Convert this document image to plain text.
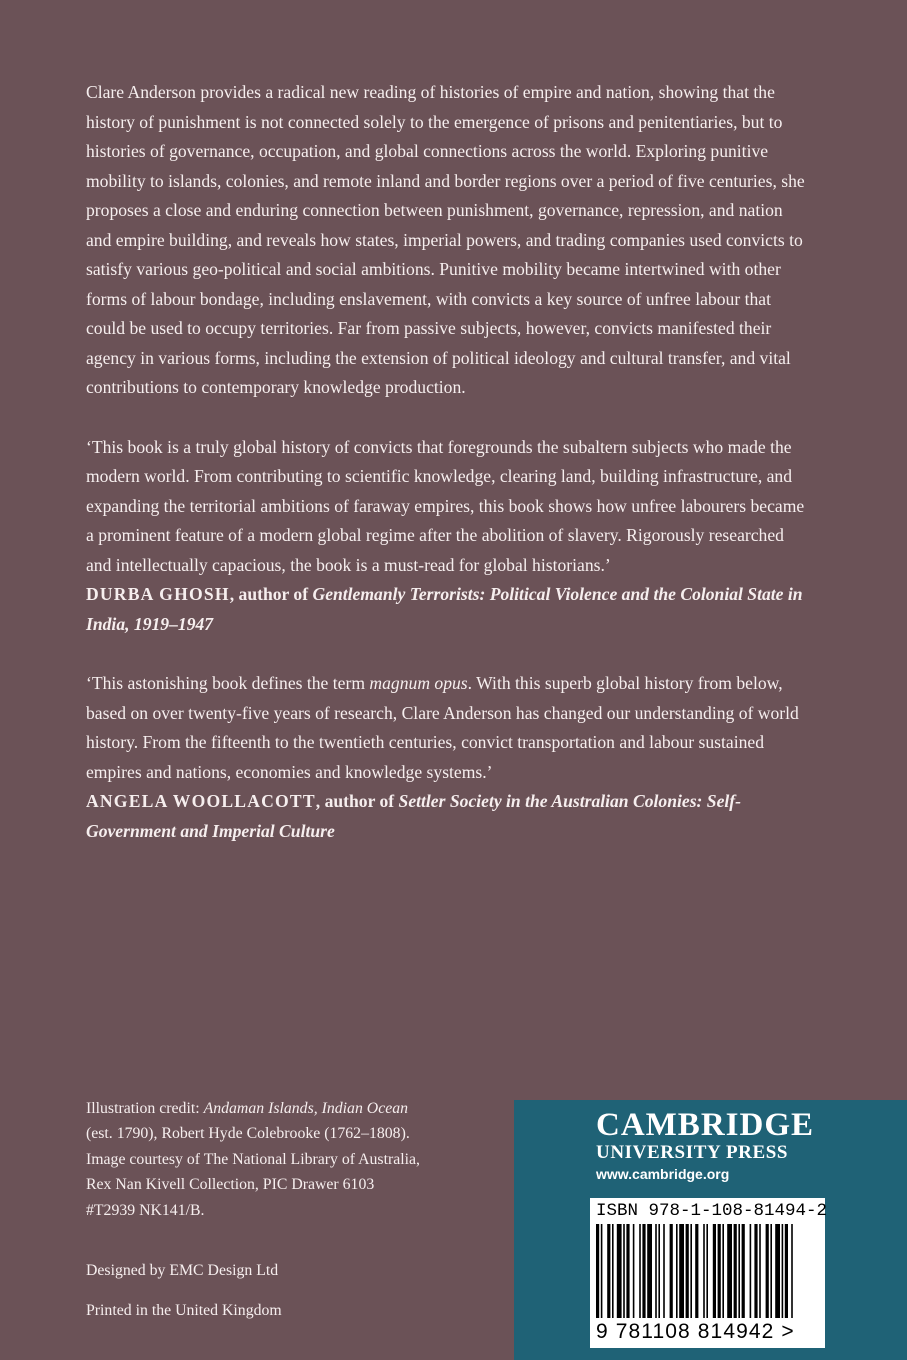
Clare Anderson provides a radical new reading of histories of empire and nation, showing that the history of punishment is not connected solely to the emergence of prisons and penitentiaries, but to histories of governance, occupation, and global connections across the world. Exploring punitive mobility to islands, colonies, and remote inland and border regions over a period of five centuries, she proposes a close and enduring connection between punishment, governance, repression, and nation and empire building, and reveals how states, imperial powers, and trading companies used convicts to satisfy various geo-political and social ambitions. Punitive mobility became intertwined with other forms of labour bondage, including enslavement, with convicts a key source of unfree labour that could be used to occupy territories. Far from passive subjects, however, convicts manifested their agency in various forms, including the extension of political ideology and cultural transfer, and vital contributions to contemporary knowledge production.

‘This book is a truly global history of convicts that foregrounds the subaltern subjects who made the modern world. From contributing to scientific knowledge, clearing land, building infrastructure, and expanding the territorial ambitions of faraway empires, this book shows how unfree labourers became a prominent feature of a modern global regime after the abolition of slavery. Rigorously researched and intellectually capacious, the book is a must-read for global historians.’

DURBA GHOSH, author of Gentlemanly Terrorists: Political Violence and the Colonial State in India, 1919–1947

‘This astonishing book defines the term magnum opus. With this superb global history from below, based on over twenty-five years of research, Clare Anderson has changed our understanding of world history. From the fifteenth to the twentieth centuries, convict transportation and labour sustained empires and nations, economies and knowledge systems.’

ANGELA WOOLLACOTT, author of Settler Society in the Australian Colonies: Self-Government and Imperial Culture

Illustration credit: Andaman Islands, Indian Ocean (est. 1790), Robert Hyde Colebrooke (1762–1808). Image courtesy of The National Library of Australia, Rex Nan Kivell Collection, PIC Drawer 6103 #T2939 NK141/B.

Designed by EMC Design Ltd

Printed in the United Kingdom

CAMBRIDGE
UNIVERSITY PRESS
www.cambridge.org
ISBN 978-1-108-81494-2
9 781108 814942 >
